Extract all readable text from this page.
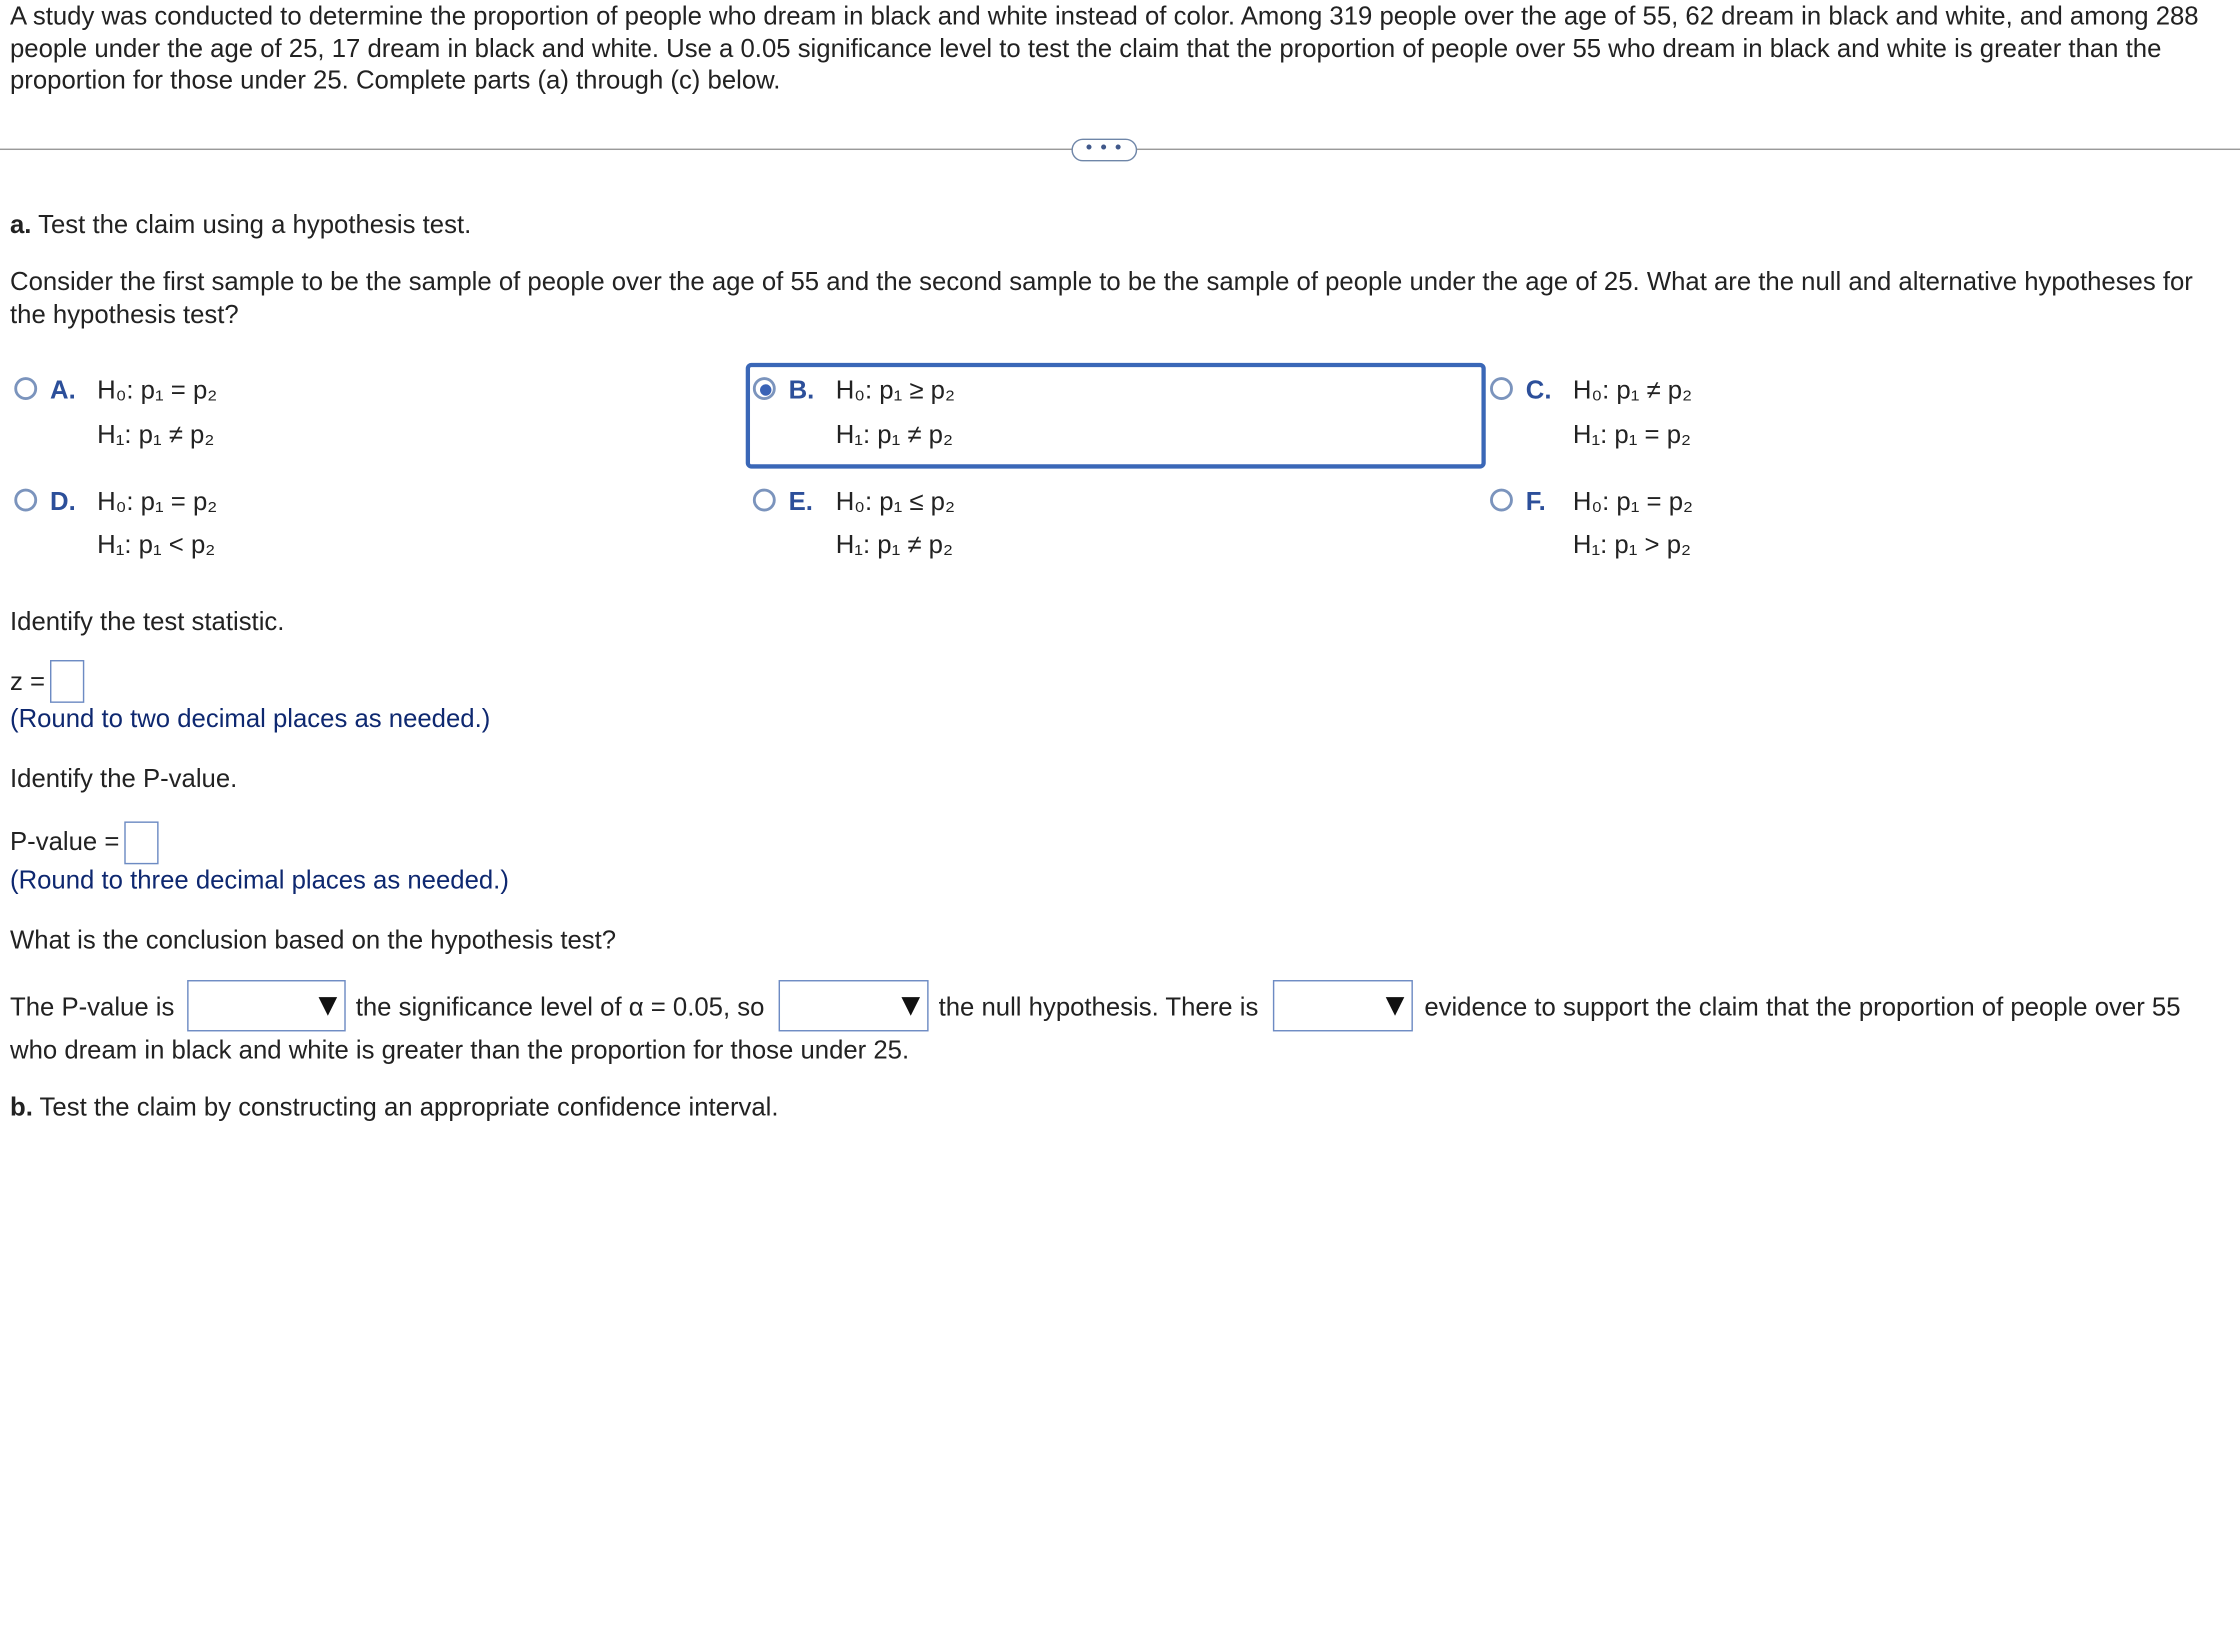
A study was conducted to determine the proportion of people who dream in black and white instead of color. Among 319 people over the age of 55, 62 dream in black and white, and among 288 people under the age of 25, 17 dream in black and white. Use a 0.05 significance level to test the claim that the proportion of people over 55 who dream in black and white is greater than the proportion for those under 25. Complete parts (a) through (c) below.
• • •
a. Test the claim using a hypothesis test.
Consider the first sample to be the sample of people over the age of 55 and the second sample to be the sample of people under the age of 25. What are the null and alternative hypotheses for the hypothesis test?
A. H₀: p₁ = p₂
H₁: p₁ ≠ p₂
B. H₀: p₁ ≥ p₂
H₁: p₁ ≠ p₂
C. H₀: p₁ ≠ p₂
H₁: p₁ = p₂
D. H₀: p₁ = p₂
H₁: p₁ < p₂
E. H₀: p₁ ≤ p₂
H₁: p₁ ≠ p₂
F. H₀: p₁ = p₂
H₁: p₁ > p₂
Identify the test statistic.
z =
(Round to two decimal places as needed.)
Identify the P-value.
P-value =
(Round to three decimal places as needed.)
What is the conclusion based on the hypothesis test?
The P-value is	the significance level of α = 0.05, so	the null hypothesis. There is	evidence to support the claim that the proportion of people over 55
who dream in black and white is greater than the proportion for those under 25.
b. Test the claim by constructing an appropriate confidence interval.
